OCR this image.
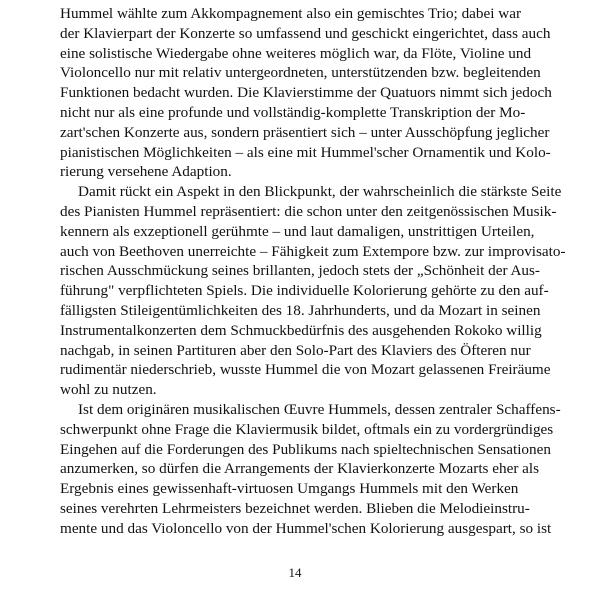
Hummel wählte zum Akkompagnement also ein gemischtes Trio; dabei war
der Klavierpart der Konzerte so umfassend und geschickt eingerichtet, dass auch
eine solistische Wiedergabe ohne weiteres möglich war, da Flöte, Violine und
Violoncello nur mit relativ untergeordneten, unterstützenden bzw. begleitenden
Funktionen bedacht wurden. Die Klavierstimme der Quatuors nimmt sich jedoch
nicht nur als eine profunde und vollständig-komplette Transkription der Mo-
zart'schen Konzerte aus, sondern präsentiert sich – unter Ausschöpfung jeglicher
pianistischen Möglichkeiten – als eine mit Hummel'scher Ornamentik und Kolo-
rierung versehene Adaption.
Damit rückt ein Aspekt in den Blickpunkt, der wahrscheinlich die stärkste Seite
des Pianisten Hummel repräsentiert: die schon unter den zeitgenössischen Musik-
kennern als exzeptionell gerühmte – und laut damaligen, unstrittigen Urteilen,
auch von Beethoven unerreichte – Fähigkeit zum Extempore bzw. zur improvisato-
rischen Ausschmückung seines brillanten, jedoch stets der „Schönheit der Aus-
führung" verpflichteten Spiels. Die individuelle Kolorierung gehörte zu den auf-
fälligsten Stileigentümlichkeiten des 18. Jahrhunderts, und da Mozart in seinen
Instrumentalkonzerten dem Schmuckbedürfnis des ausgehenden Rokoko willig
nachgab, in seinen Partituren aber den Solo-Part des Klaviers des Öfteren nur
rudimentär niederschrieb, wusste Hummel die von Mozart gelassenen Freiräume
wohl zu nutzen.
Ist dem originären musikalischen Œuvre Hummels, dessen zentraler Schaffens-
schwerpunkt ohne Frage die Klaviermusik bildet, oftmals ein zu vordergründiges
Eingehen auf die Forderungen des Publikums nach spieltechnischen Sensationen
anzumerken, so dürfen die Arrangements der Klavierkonzerte Mozarts eher als
Ergebnis eines gewissenhaft-virtuosen Umgangs Hummels mit den Werken
seines verehrten Lehrmeisters bezeichnet werden. Blieben die Melodieinstru-
mente und das Violoncello von der Hummel'schen Kolorierung ausgespart, so ist
14
